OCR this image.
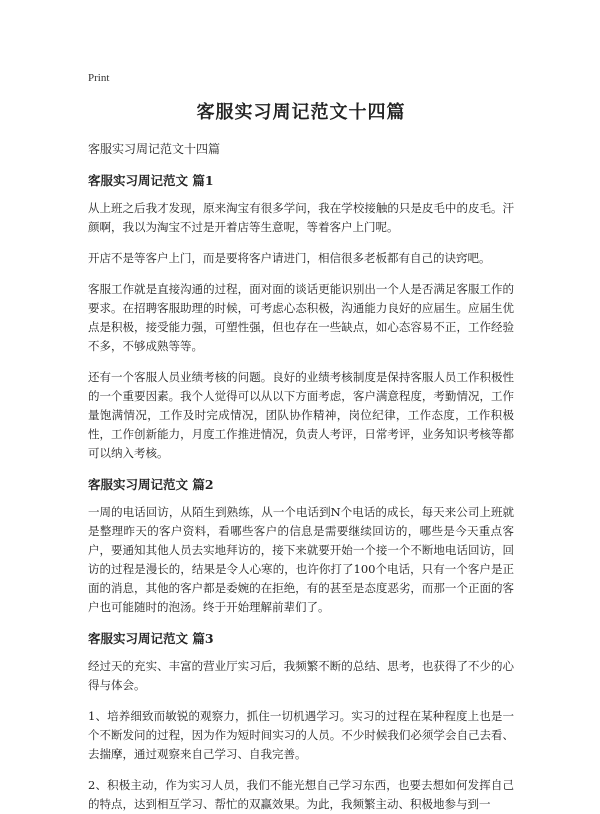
Print
客服实习周记范文十四篇
客服实习周记范文十四篇
客服实习周记范文 篇1

从上班之后我才发现，原来淘宝有很多学问，我在学校接触的只是皮毛中的皮毛。汗颜啊，我以为淘宝不过是开着店等生意呢，等着客户上门呢。

开店不是等客户上门，而是要将客户请进门，相信很多老板都有自己的诀窍吧。

客服工作就是直接沟通的过程，面对面的谈话更能识别出一个人是否满足客服工作的要求。在招聘客服助理的时候，可考虑心态积极，沟通能力良好的应届生。应届生优点是积极，接受能力强，可塑性强，但也存在一些缺点，如心态容易不正，工作经验不多，不够成熟等等。

还有一个客服人员业绩考核的问题。良好的业绩考核制度是保持客服人员工作积极性的一个重要因素。我个人觉得可以从以下方面考虑，客户满意程度，考勤情况，工作量饱满情况，工作及时完成情况，团队协作精神，岗位纪律，工作态度，工作积极性，工作创新能力，月度工作推进情况，负责人考评，日常考评，业务知识考核等都可以纳入考核。

客服实习周记范文 篇2

一周的电话回访，从陌生到熟练，从一个电话到N个电话的成长，每天来公司上班就是整理昨天的客户资料，看哪些客户的信息是需要继续回访的，哪些是今天重点客户，要通知其他人员去实地拜访的，接下来就要开始一个接一个不断地电话回访，回访的过程是漫长的，结果是令人心寒的，也许你打了100个电话，只有一个客户是正面的消息，其他的客户都是委婉的在拒绝，有的甚至是态度恶劣，而那一个正面的客户也可能随时的泡汤。终于开始理解前辈们了。

客服实习周记范文 篇3

经过天的充实、丰富的营业厅实习后，我频繁不断的总结、思考，也获得了不少的心得与体会。

1、培养细致而敏锐的观察力，抓住一切机遇学习。实习的过程在某种程度上也是一个不断发问的过程，因为作为短时间实习的人员。不少时候我们必须学会自己去看、去揣摩，通过观察来自己学习、自我完善。

2、积极主动，作为实习人员，我们不能光想自己学习东西，也要去想如何发挥自己的特点，达到相互学习、帮忙的双赢效果。为此，我频繁主动、积极地参与到一
